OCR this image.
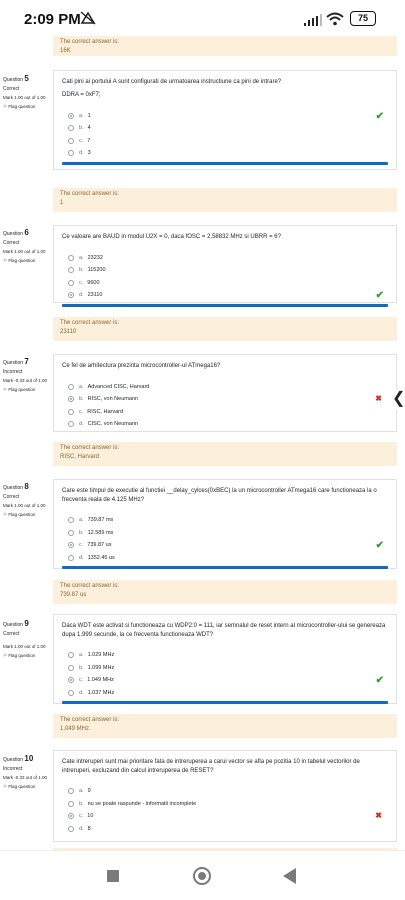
2:09 PM	75
The correct answer is:
16K
Question 5
Correct
Mark 1.00 out of 1.00
⚐ Flag question
Cati pini ai portului A sunt configurati de urmatoarea instructiune ca pini de intrare?
DDRA = 0xF7;
a. 1	✔
b. 4
c. 7
d. 3
The correct answer is:
1
Question 6
Correct
Mark 1.00 out of 1.00
⚐ Flag question
Ce valoare are BAUD in modul U2X = 0, daca fOSC = 2.58832 MHz si UBRR = 6?
a. 23232
b. 115200
c. 9600
d. 23110	✔
The correct answer is:
23110
Question 7
Incorrect
Mark -0.33 out of 1.00
⚐ Flag question
Ce fel de arhitectura prezinta microcontroller-ul ATmega16?
a. Advanced CISC, Harvard
b. RISC, von Neumann	✖
c. RISC, Harvard
d. CISC, von Neumann
The correct answer is:
RISC, Harvard
Question 8
Correct
Mark 1.00 out of 1.00
⚐ Flag question
Care este timpul de executie al functiei __delay_cylces(0xBEC) la un microcontroller ATmega16 care functioneaza la o frecventa reala de 4.125 MHz?
a. 739.87 ms
b. 12.589 ms
c. 739.87 us	✔
d. 1352.45 us
The correct answer is:
739.87 us
Question 9
Correct
Mark 1.00 out of 1.00
⚐ Flag question
Daca WDT este activat si functioneaza cu WDP2:0 = 111, iar semnalul de reset intern al microcontroller-ului se genereaza dupa 1.999 secunde, la ce frecventa functioneaza WDT?
a. 1.029 MHz
b. 1.099 MHz
c. 1.049 MHz	✔
d. 1.037 MHz
The correct answer is:
1.049 MHz
Question 10
Incorrect
Mark -0.33 out of 1.00
⚐ Flag question
Cate intreruperi sunt mai prioritare fata de intreruperea a carui vector se afla pe pozitia 10 in tabelul vectorilor de intreruperi, excluzand din calcul intreruperea de RESET?
a. 9
b. nu se poate raspunde - informatii incomplete
c. 10	✖
d. 8
❮
